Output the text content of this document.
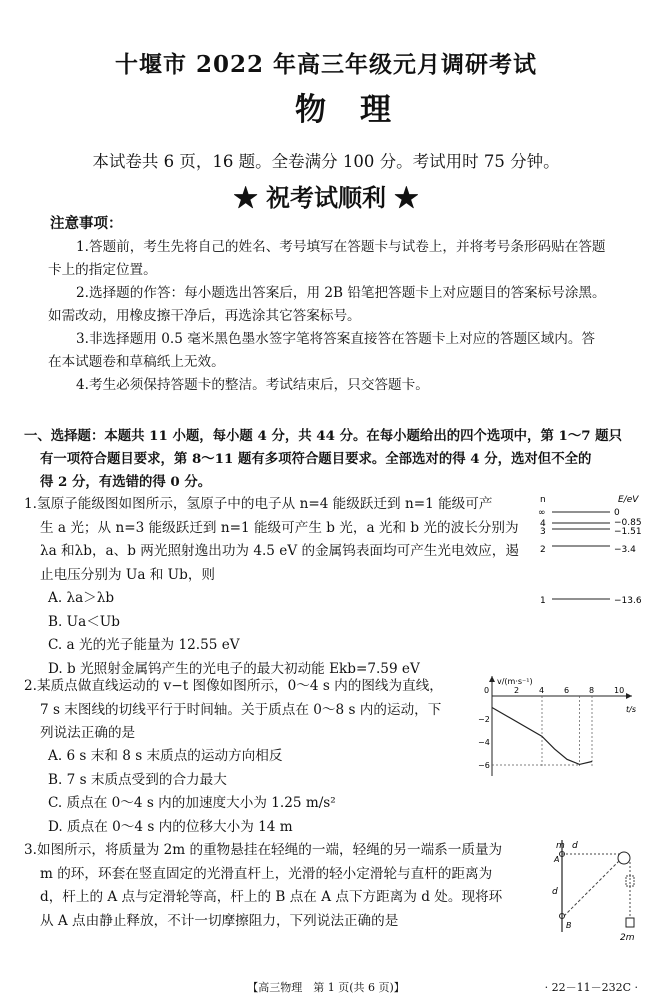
十堰市 2022 年高三年级元月调研考试
物理
本试卷共 6 页，16 题。全卷满分 100 分。考试用时 75 分钟。
★ 祝考试顺利 ★
注意事项：

1.答题前，考生先将自己的姓名、考号填写在答题卡与试卷上，并将考号条形码贴在答题卡上的指定位置。

2.选择题的作答：每小题选出答案后，用 2B 铅笔把答题卡上对应题目的答案标号涂黑。如需改动，用橡皮擦干净后，再选涂其它答案标号。

3.非选择题用 0.5 毫米黑色墨水签字笔将答案直接答在答题卡上对应的答题区域内。答在本试题卷和草稿纸上无效。

4.考生必须保持答题卡的整洁。考试结束后，只交答题卡。

一、选择题：本题共 11 小题，每小题 4 分，共 44 分。在每小题给出的四个选项中，第 1～7 题只
有一项符合题目要求，第 8～11 题有多项符合题目要求。全部选对的得 4 分，选对但不全的
得 2 分，有选错的得 0 分。
1.氢原子能级图如图所示，氢原子中的电子从 n=4 能级跃迁到 n=1 能级可产
生 a 光；从 n=3 能级跃迁到 n=1 能级可产生 b 光，a 光和 b 光的波长分别为
λa 和λb，a、b 两光照射逸出功为 4.5 eV 的金属钨表面均可产生光电效应，遏
止电压分别为 Ua 和 Ub，则
A. λa＞λb
B. Ua＜Ub
C. a 光的光子能量为 12.55 eV
D. b 光照射金属钨产生的光电子的最大初动能 Ekb=7.59 eV
n	E/eV
∞
4
3
2
1
0
−0.85
−1.51
−3.4
−13.6
2.某质点做直线运动的 v−t 图像如图所示，0～4 s 内的图线为直线，
7 s 末图线的切线平行于时间轴。关于质点在 0～8 s 内的运动，下
列说法正确的是
A. 6 s 末和 8 s 末质点的运动方向相反
B. 7 s 末质点受到的合力最大
C. 质点在 0～4 s 内的加速度大小为 1.25 m/s²
D. 质点在 0～4 s 内的位移大小为 14 m
v/(m·s⁻¹)
t/s
0	2 4 6 8 10
−2
−4
−6
3.如图所示，将质量为 2m 的重物悬挂在轻绳的一端，轻绳的另一端系一质量为
m 的环，环套在竖直固定的光滑直杆上，光滑的轻小定滑轮与直杆的距离为
d，杆上的 A 点与定滑轮等高，杆上的 B 点在 A 点下方距离为 d 处。现将环
从 A 点由静止释放，不计一切摩擦阻力，下列说法正确的是
m d
A
d
B
2m
【高三物理　第 1 页(共 6 页)】	· 22－11－232C ·
